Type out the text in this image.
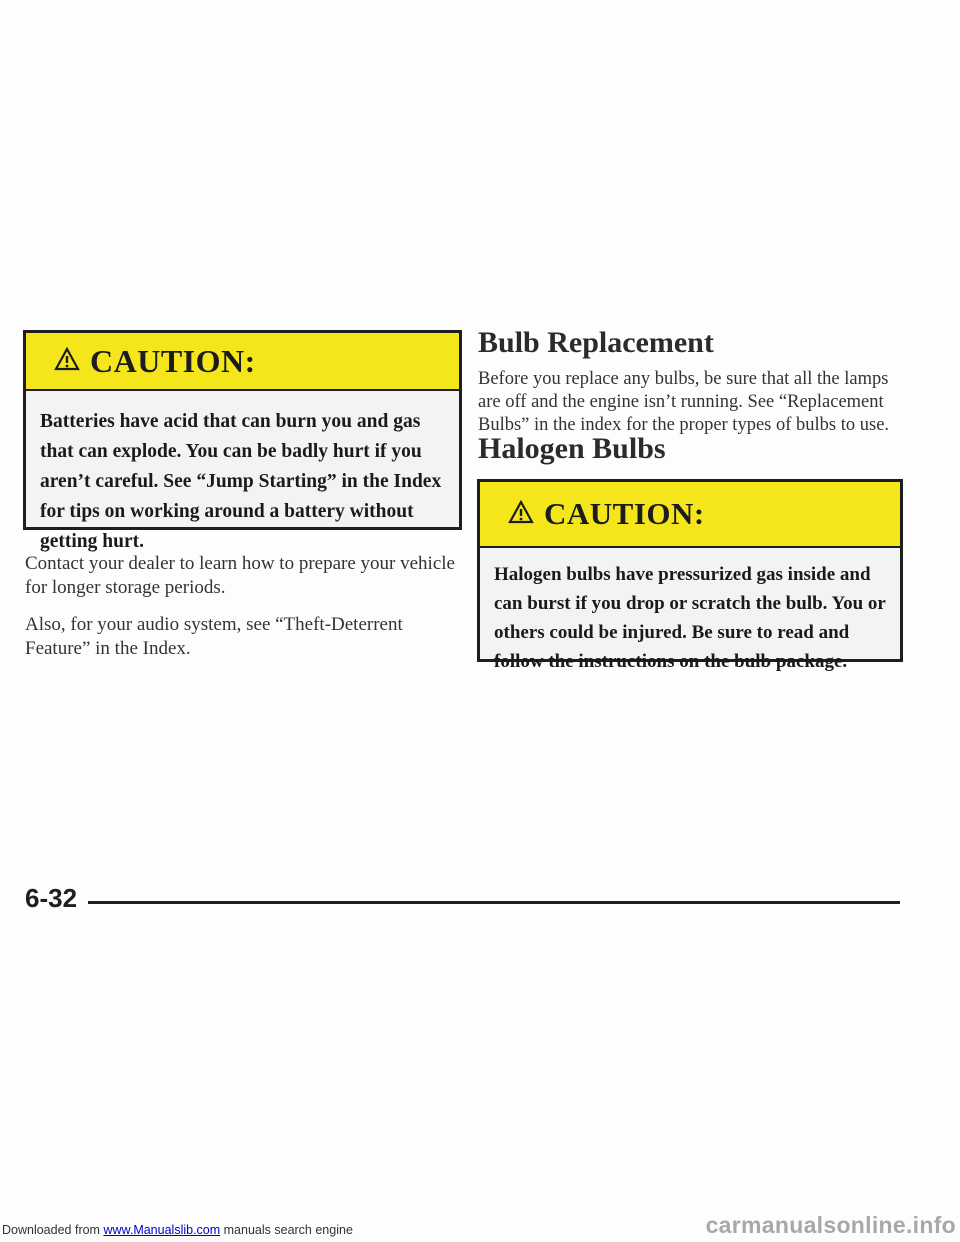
CAUTION:
Batteries have acid that can burn you and gas that can explode. You can be badly hurt if you aren’t careful. See “Jump Starting” in the Index for tips on working around a battery without getting hurt.
Contact your dealer to learn how to prepare your vehicle for longer storage periods.
Also, for your audio system, see “Theft-Deterrent Feature” in the Index.
Bulb Replacement
Before you replace any bulbs, be sure that all the lamps are off and the engine isn’t running. See “Replacement Bulbs” in the index for the proper types of bulbs to use.
Halogen Bulbs
CAUTION:
Halogen bulbs have pressurized gas inside and can burst if you drop or scratch the bulb. You or others could be injured. Be sure to read and follow the instructions on the bulb package.
6-32
Downloaded from www.Manualslib.com manuals search engine	carmanualsonline.info
